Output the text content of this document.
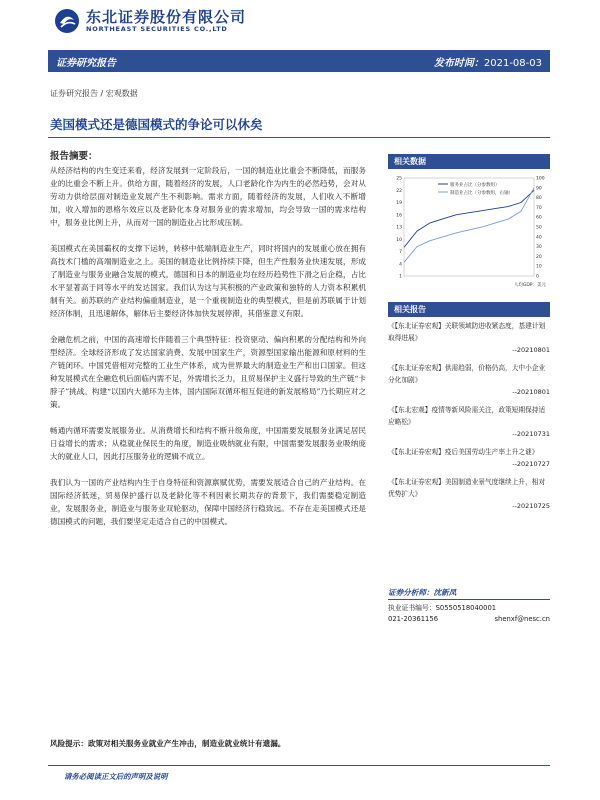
东北证券股份有限公司
NORTHEAST SECURITIES CO.,LTD
证券研究报告	发布时间：2021-08-03
证券研究报告 / 宏观数据
美国模式还是德国模式的争论可以休矣
报告摘要：

从经济结构的内生变迁来看，经济发展到一定阶段后，一国的制造业比重会不断降低，而服务业的比重会不断上升。供给方面，随着经济的发展，人口老龄化作为内生的必然趋势，会对从劳动力供给层面对制造业发展产生不利影响。需求方面，随着经济的发展，人们收入不断增加，收入增加的恩格尔效应以及老龄化本身对服务业的需求增加，均会导致一国的需求结构中，服务业比例上升，从而对一国的制造业占比形成压制。

美国模式在美国霸权的支撑下运转，转移中低端制造业生产，同时将国内的发展重心放在拥有高技术门槛的高端制造业之上。美国的制造业比例持续下降，但生产性服务业快速发展，形成了制造业与服务业融合发展的模式。德国和日本的制造业均在经历趋势性下滑之后企稳，占比水平显著高于同等水平的发达国家。我们认为这与其积极的产业政策和独特的人力资本积累机制有关。前苏联的产业结构偏重制造业，是一个重视制造业的典型模式，但是前苏联属于计划经济体制，且迅速解体，解体后主要经济体加快发展停滞，其借鉴意义有限。

金融危机之前，中国的高速增长伴随着三个典型特征：投资驱动、偏向积累的分配结构和外向型经济。全球经济形成了发达国家消费、发展中国家生产，资源型国家输出能源和原材料的生产链闭环。中国凭借相对完整的工业生产体系，成为世界最大的制造业生产和出口国家。但这种发展模式在全融危机后面临内需不足，外需增长乏力，且贸易保护主义盛行导致的生产链“卡脖子”挑战。构建“以国内大循环为主体，国内国际双循环相互促进的新发展格局”乃长期应对之策。

畅通内循环需要发展服务业。从消费增长和结构不断升级角度，中国需要发展服务业满足居民日益增长的需求；从稳就业保民生的角度，制造业吸纳就业有限，中国需要发展服务业吸纳庞大的就业人口，因此打压服务业的逻辑不成立。

我们认为一国的产业结构内生于自身特征和资源禀赋优势，需要发展适合自己的产业结构。在国际经济低迷，贸易保护盛行以及老龄化等不利因素长期共存的背景下，我们需要稳定制造业，发展服务业，制造业与服务业双轮驱动，保障中国经济行稳致远。不存在走美国模式还是德国模式的问题，我们要坚定走适合自己的中国模式。

风险提示：政策对相关服务业就业产生冲击，制造业就业统计有遗漏。
请务必阅读正文后的声明及说明
相关数据
25
22
19
16
13
10
7
4
1
100
90
80
70
60
50
40
30
20
10
0
服务业占比（分参数组）
制造业占比（分参数组，右轴）
人均GDP：美元
相关报告
《【东北证券宏观】关联领域防进收紧态度，基建计划取得进展》
--20210801
《【东北证券宏观】供需趋弱，价格仍高，大中小企业分化加剧》
--20210801
《【东北宏观】疫情等新风险需关注，政策短期保持适应略松》
--20210731
《【东北证券宏观】疫后美国劳动生产率上升之谜》
--20210727
《【东北证券宏观】美国制造业景气度继续上升，相对优势扩大》
--20210725
证券分析师：沈新凤
执业证书编号：S0550518040001
021-20361156	shenxf@nesc.cn
